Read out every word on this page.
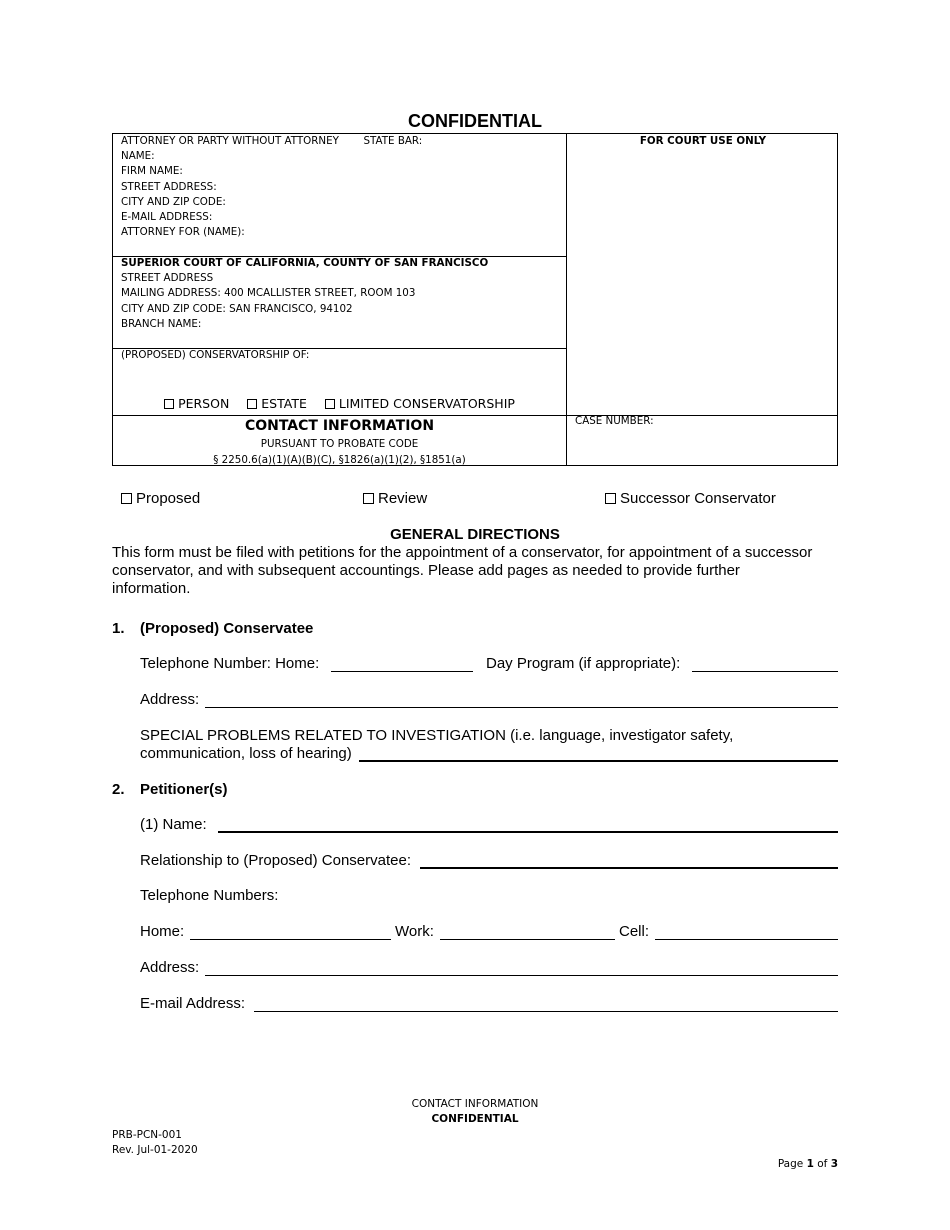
CONFIDENTIAL
ATTORNEY OR PARTY WITHOUT ATTORNEY STATE BAR:
NAME:
FIRM NAME:
STREET ADDRESS:
CITY AND ZIP CODE:
E-MAIL ADDRESS:
ATTORNEY FOR (NAME):
SUPERIOR COURT OF CALIFORNIA, COUNTY OF SAN FRANCISCO
STREET ADDRESS
MAILING ADDRESS: 400 MCALLISTER STREET, ROOM 103
CITY AND ZIP CODE: SAN FRANCISCO, 94102
BRANCH NAME:
(PROPOSED) CONSERVATORSHIP OF:
PERSON	ESTATE	LIMITED CONSERVATORSHIP
CONTACT INFORMATION
PURSUANT TO PROBATE CODE
§ 2250.6(a)(1)(A)(B)(C), §1826(a)(1)(2), §1851(a)
FOR COURT USE ONLY
CASE NUMBER:
Proposed	Review	Successor Conservator
GENERAL DIRECTIONS
This form must be filed with petitions for the appointment of a conservator, for appointment of a successor
conservator, and with subsequent accountings. Please add pages as needed to provide further
information.
1. (Proposed) Conservatee
Telephone Number: Home:	Day Program (if appropriate):
Address:
SPECIAL PROBLEMS RELATED TO INVESTIGATION (i.e. language, investigator safety,
communication, loss of hearing)
2. Petitioner(s)
(1) Name:
Relationship to (Proposed) Conservatee:
Telephone Numbers:
Home:	Work:	Cell:
Address:
E-mail Address:
CONTACT INFORMATION
CONFIDENTIAL
PRB-PCN-001
Rev. Jul-01-2020
Page 1 of 3
